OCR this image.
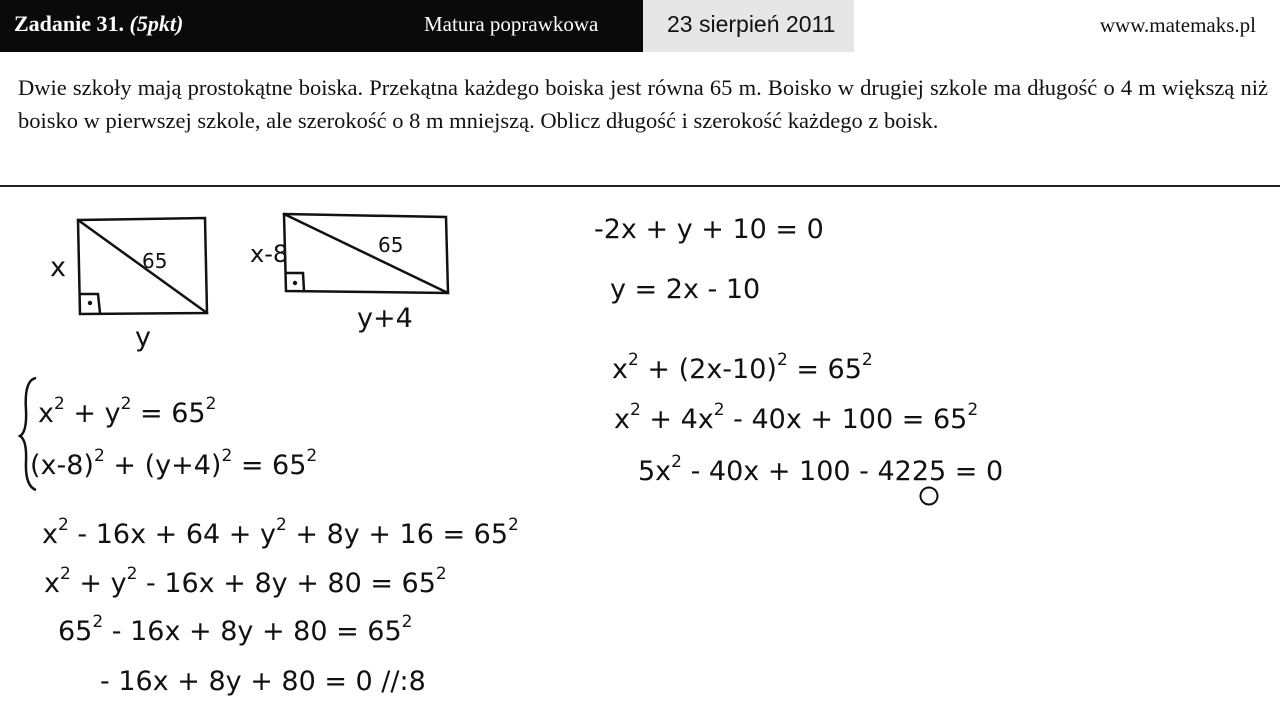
Zadanie 31. (5pkt)	Matura poprawkowa	23 sierpień 2011	www.matemaks.pl
Dwie szkoły mają prostokątne boiska. Przekątna każdego boiska jest równa 65 m. Boisko w drugiej szkole ma długość o 4 m większą niż boisko w pierwszej szkole, ale szerokość o 8 m mniejszą. Oblicz długość i szerokość każdego z boisk.
x
y
65	x-8
y+4
65
$x^2 + y^2 = 65^2$
$(x-8)^2 + (y+4)^2 = 65^2$
$x^2 - 16x + 64 + y^2 + 8y + 16 = 65^2$
$x^2 + y^2 - 16x + 8y + 80 = 65^2$
$65^2 - 16x + 8y + 80 = 65^2$
- 16x + 8y + 80 = 0 //:8
-2x + y + 10 = 0
y = 2x - 10
$x^2 + (2x-10)^2 = 65^2$
$x^2 + 4x^2 - 40x + 100 = 65^2$
$5x^2 - 40x + 100 - 4225 = 0$
